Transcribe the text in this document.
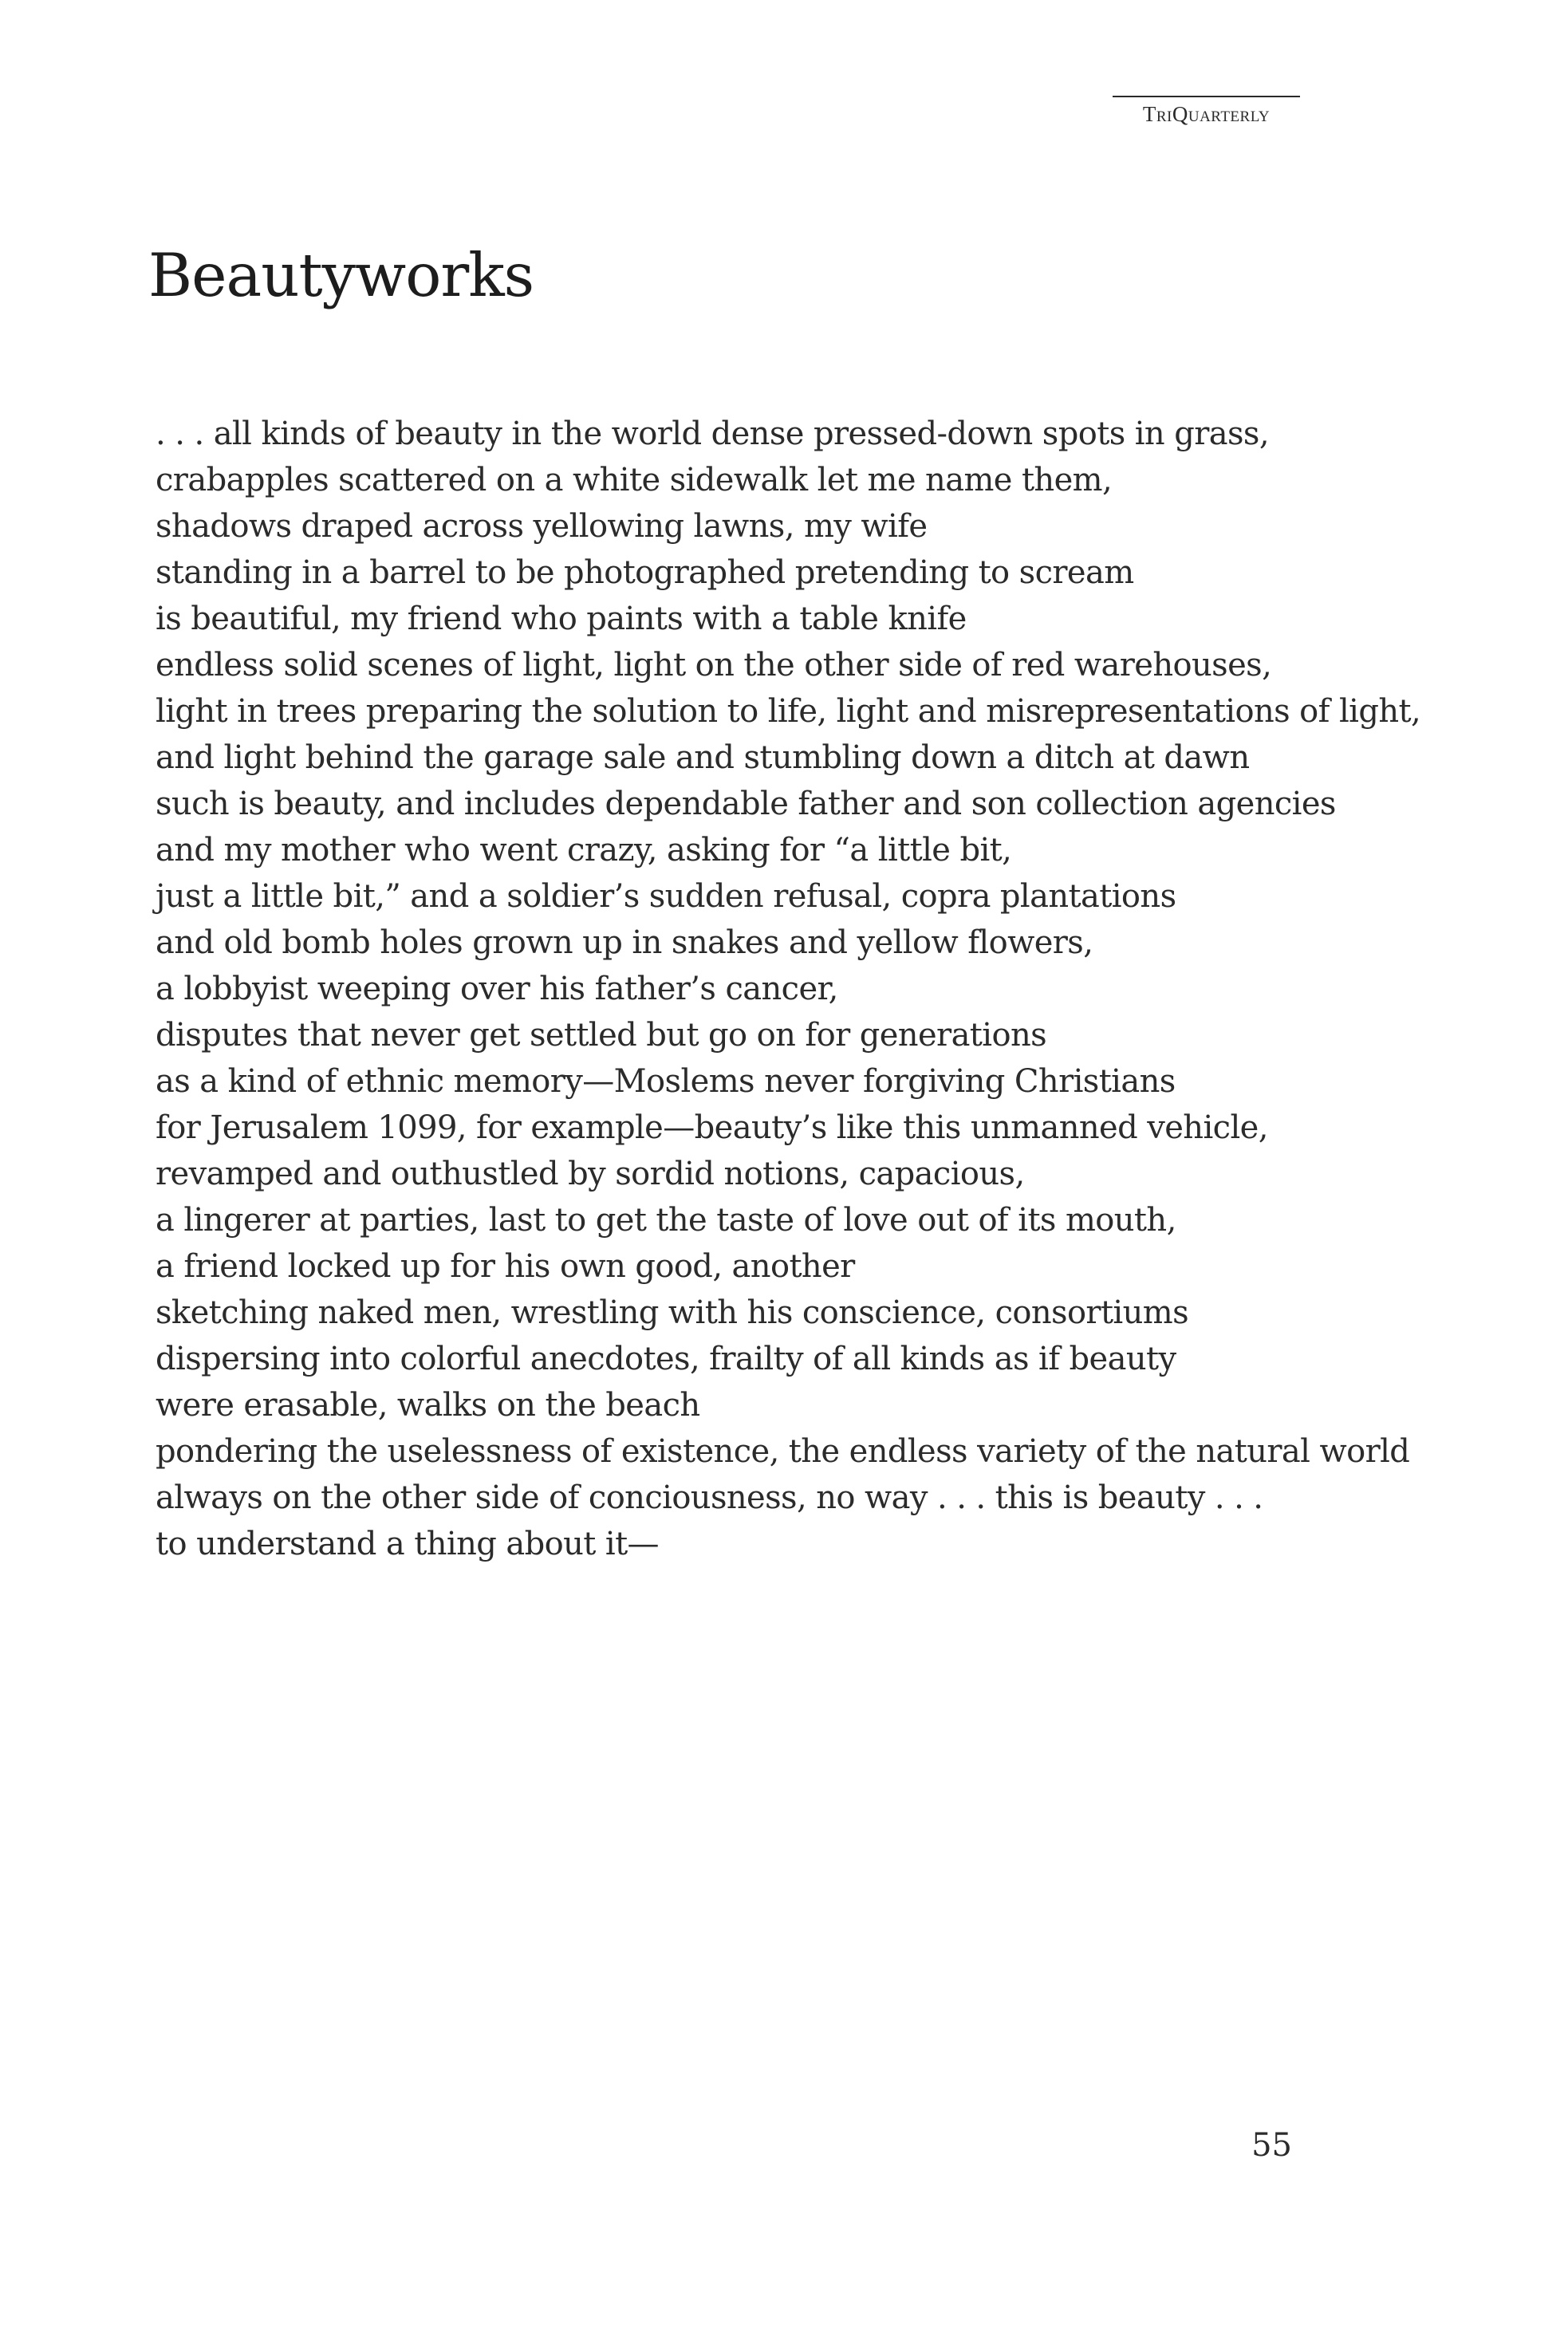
TriQuarterly
Beautyworks
. . . all kinds of beauty in the world dense pressed-down spots in grass,
crabapples scattered on a white sidewalk let me name them,
shadows draped across yellowing lawns, my wife
standing in a barrel to be photographed pretending to scream
is beautiful, my friend who paints with a table knife
endless solid scenes of light, light on the other side of red warehouses,
light in trees preparing the solution to life, light and misrepresentations of light,
and light behind the garage sale and stumbling down a ditch at dawn
such is beauty, and includes dependable father and son collection agencies
and my mother who went crazy, asking for “a little bit,
just a little bit,” and a soldier’s sudden refusal, copra plantations
and old bomb holes grown up in snakes and yellow flowers,
a lobbyist weeping over his father’s cancer,
disputes that never get settled but go on for generations
as a kind of ethnic memory—Moslems never forgiving Christians
for Jerusalem 1099, for example—beauty’s like this unmanned vehicle,
revamped and outhustled by sordid notions, capacious,
a lingerer at parties, last to get the taste of love out of its mouth,
a friend locked up for his own good, another
sketching naked men, wrestling with his conscience, consortiums
dispersing into colorful anecdotes, frailty of all kinds as if beauty
were erasable, walks on the beach
pondering the uselessness of existence, the endless variety of the natural world
always on the other side of conciousness, no way . . . this is beauty . . .
to understand a thing about it—
55
